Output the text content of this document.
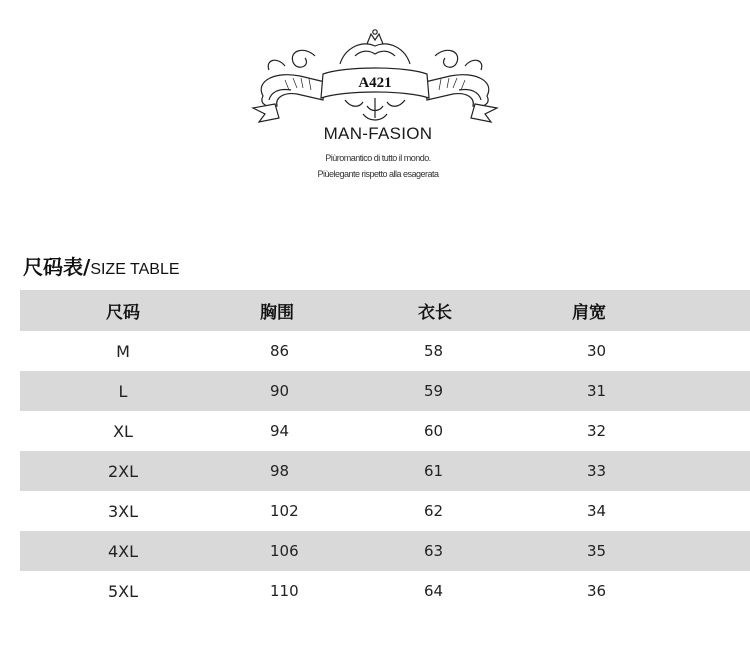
A421
MAN-FASION
Piùromantico di tutto il mondo.
Piùelegante rispetto alla esagerata
尺码表/SIZE TABLE
尺码	胸围	衣长	肩宽
M	86	58	30
L	90	59	31
XL	94	60	32
2XL	98	61	33
3XL	102	62	34
4XL	106	63	35
5XL	110	64	36
